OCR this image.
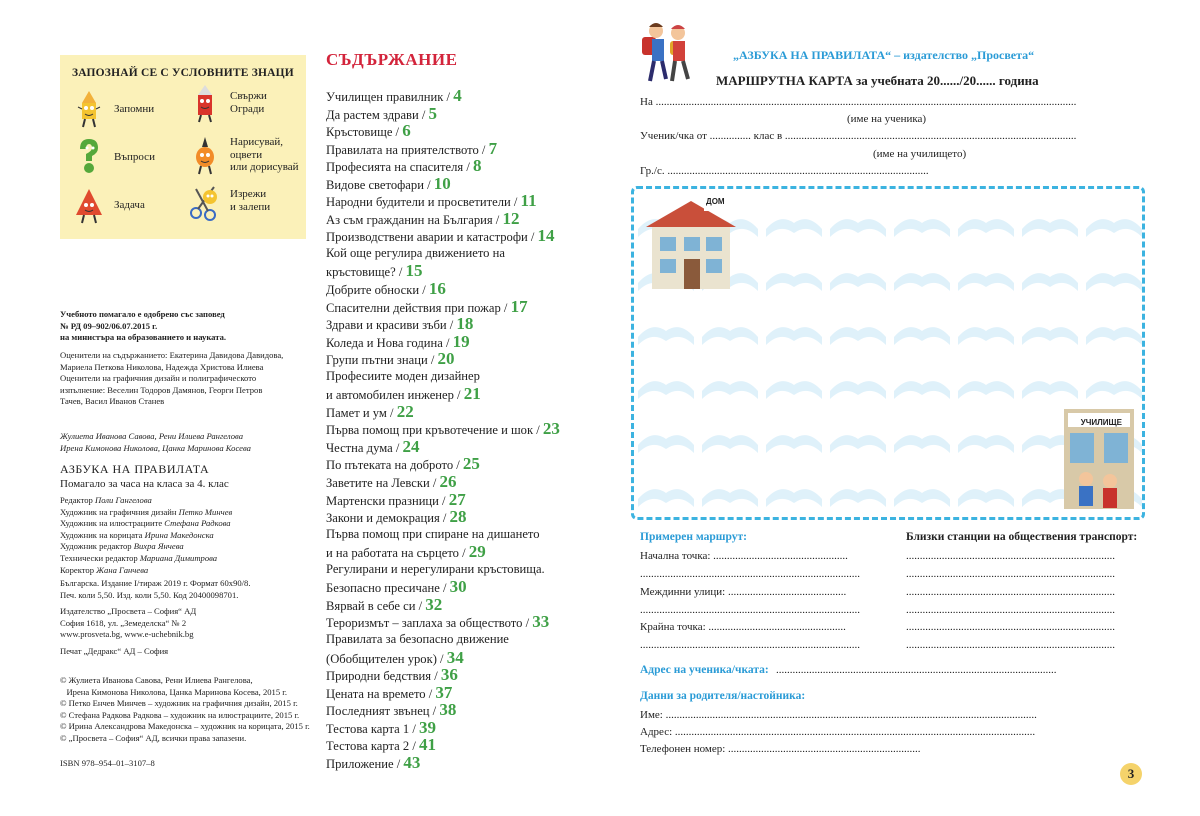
ЗАПОЗНАЙ СЕ С УСЛОВНИТЕ ЗНАЦИ
Запомни
Свържи
Огради
Въпроси
Нарисувай,
оцвети
или дорисувай
Задача
Изрежи
и залепи
Учебното помагало е одобрено със заповед
№ РД 09–902/06.07.2015 г.
на министъра на образованието и науката.
Оценители на съдържанието: Екатерина Давидова Давидова,
Мариела Петкова Николова, Надежда Христова Илиева
Оценители на графичния дизайн и полиграфическото
изпълнение: Веселин Тодоров Дамянов, Георги Петров
Тачев, Васил Иванов Станев
Жулиета Иванова Савова, Рени Илиева Рангелова
Ирена Кимонова Николова, Цанка Маринова Косева
АЗБУКА НА ПРАВИЛАТА
Помагало за часа на класа за 4. клас
Редактор Поли Гангелова
Художник на графичния дизайн Петко Минчев
Художник на илюстрациите Стефана Радкова
Художник на корицата Ирина Македонска
Художник редактор Вихра Янчева
Технически редактор Мариана Димитрова
Коректор Жана Ганчева
Българска. Издание I/тираж 2019 г. Формат 60х90/8.
Печ. коли 5,50. Изд. коли 5,50. Код 20400098701.
Издателство „Просвета – София“ АД
София 1618, ул. „Земеделска“ № 2
www.prosveta.bg, www.e-uchebnik.bg
Печат „Дедракс“ АД – София
© Жулиета Иванова Савова, Рени Илиева Рангелова,
Ирена Кимонова Николова, Цанка Маринова Косева, 2015 г.
© Петко Енчев Минчев – художник на графичния дизайн, 2015 г.
© Стефана Радкова Радкова – художник на илюстрациите, 2015 г.
© Ирина Александрова Македонска – художник на корицата, 2015 г.
© „Просвета – София“ АД, всички права запазени.
ISBN 978–954–01–3107–8
СЪДЪРЖАНИЕ
Училищен правилник / 4
Да растем здрави / 5
Кръстовище / 6
Правилата на приятелството / 7
Професията на спасителя / 8
Видове светофари / 10
Народни будители и просветители / 11
Аз съм гражданин на България / 12
Производствени аварии и катастрофи / 14
Кой още регулира движението на
кръстовище? / 15
Добрите обноски / 16
Спасителни действия при пожар / 17
Здрави и красиви зъби / 18
Коледа и Нова година / 19
Групи пътни знаци / 20
Професиите моден дизайнер
и автомобилен инженер / 21
Памет и ум / 22
Първа помощ при кръвотечение и шок / 23
Честна дума / 24
По пътеката на доброто / 25
Заветите на Левски / 26
Мартенски празници / 27
Закони и демокрация / 28
Първа помощ при спиране на дишането
и на работата на сърцето / 29
Регулирани и нерегулирани кръстовища.
Безопасно пресичане / 30
Вярвай в себе си / 32
Тероризмът – заплаха за обществото / 33
Правилата за безопасно движение
(Обобщителен урок) / 34
Природни бедствия / 36
Цената на времето / 37
Последният звънец / 38
Тестова карта 1 / 39
Тестова карта 2 / 41
Приложение / 43
„АЗБУКА НА ПРАВИЛАТА“ – издателство „Просвета“
МАРШРУТНА КАРТА за учебната 20....../20...... година
На .........................................................................................................................................................
(име на ученика)
Ученик/чка от ............... клас в ..........................................................................................................
(име на училището)
Гр./с. ...............................................................................................
ДОМ
УЧИЛИЩЕ
Примерен маршрут:
Начална точка: .................................................
................................................................................
Междинни улици: ...........................................
................................................................................
Крайна точка: ..................................................
................................................................................
Близки станции на обществения транспорт:
............................................................................
............................................................................
............................................................................
............................................................................
............................................................................
............................................................................
Адрес на ученика/чката: ......................................................................................................
Данни за родителя/настойника:
Име: .......................................................................................................................................
Адрес: ...................................................................................................................................
Телефонен номер: ......................................................................
3
